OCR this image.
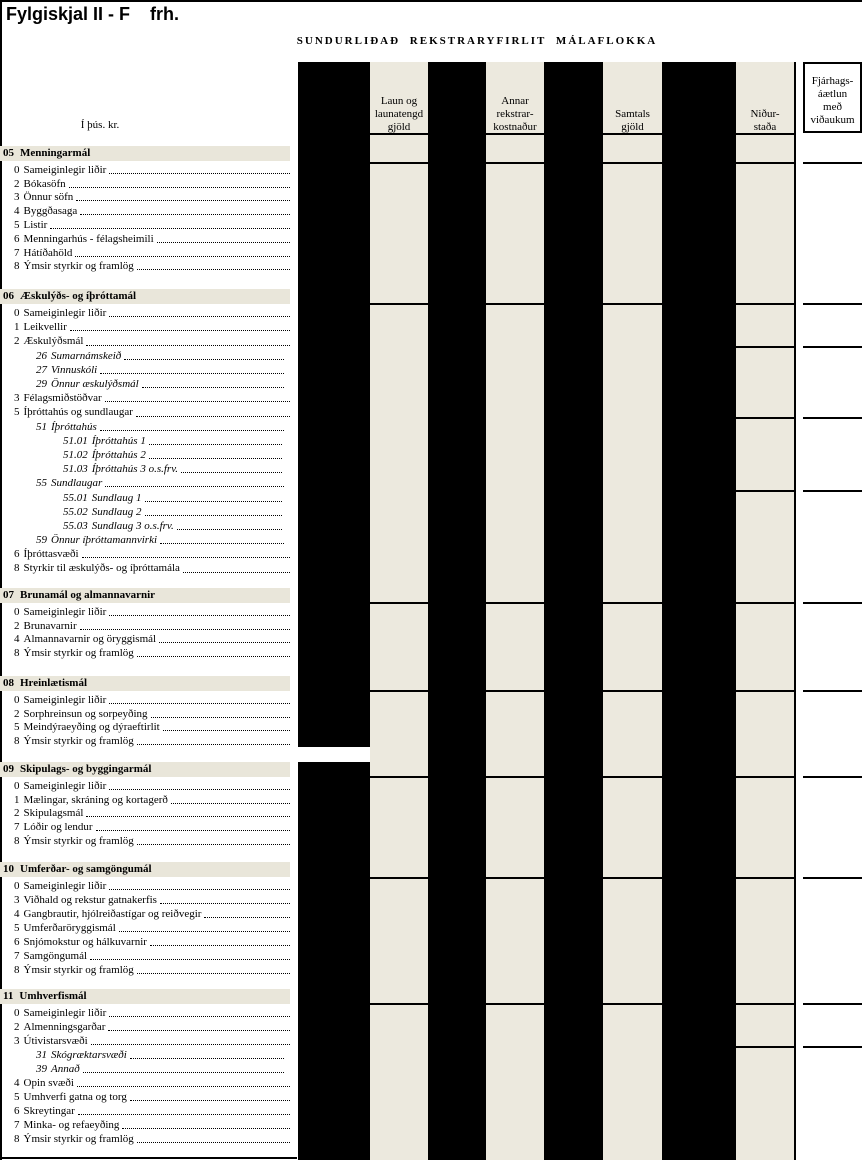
Fylgiskjal II - F frh.
SUNDURLIÐAÐ REKSTRARYFIRLIT MÁLAFLOKKA
Í þús. kr.
05 Menningarmál
0 Sameiginlegir liðir
2 Bókasöfn
3 Önnur söfn
4 Byggðasaga
5 Listir
6 Menningarhús - félagsheimili
7 Hátíðahöld
8 Ýmsir styrkir og framlög
06 Æskulýðs- og íþróttamál
0 Sameiginlegir liðir
1 Leikvellir
2 Æskulýðsmál
26 Sumarnámskeið
27 Vinnuskóli
29 Önnur æskulýðsmál
3 Félagsmiðstöðvar
5 Íþróttahús og sundlaugar
51 Íþróttahús
51.01 Íþróttahús 1
51.02 Íþróttahús 2
51.03 Íþróttahús 3 o.s.frv.
55 Sundlaugar
55.01 Sundlaug 1
55.02 Sundlaug 2
55.03 Sundlaug 3 o.s.frv.
59 Önnur íþróttamannvirki
6 Íþróttasvæði
8 Styrkir til æskulýðs- og íþróttamála
07 Brunamál og almannavarnir
0 Sameiginlegir liðir
2 Brunavarnir
4 Almannavarnir og öryggismál
8 Ýmsir styrkir og framlög
08 Hreinlætismál
0 Sameiginlegir liðir
2 Sorphreinsun og sorpeyðing
5 Meindýraeyðing og dýraeftirlit
8 Ýmsir styrkir og framlög
09 Skipulags- og byggingarmál
0 Sameiginlegir liðir
1 Mælingar, skráning og kortagerð
2 Skipulagsmál
7 Lóðir og lendur
8 Ýmsir styrkir og framlög
10 Umferðar- og samgöngumál
0 Sameiginlegir liðir
3 Viðhald og rekstur gatnakerfis
4 Gangbrautir, hjólreiðastígar og reiðvegir
5 Umferðaröryggismál
6 Snjómokstur og hálkuvarnir
7 Samgöngumál
8 Ýmsir styrkir og framlög
11 Umhverfismál
0 Sameiginlegir liðir
2 Almenningsgarðar
3 Útivistarsvæði
31 Skógræktarsvæði
39 Annað
4 Opin svæði
5 Umhverfi gatna og torg
6 Skreytingar
7 Minka- og refaeyðing
8 Ýmsir styrkir og framlög
Laun og
launatengd
gjöld
Annar
rekstrar-
kostnaður
Samtals
gjöld
Niður-
staða
Fjárhags-
áætlun
með
viðaukum
